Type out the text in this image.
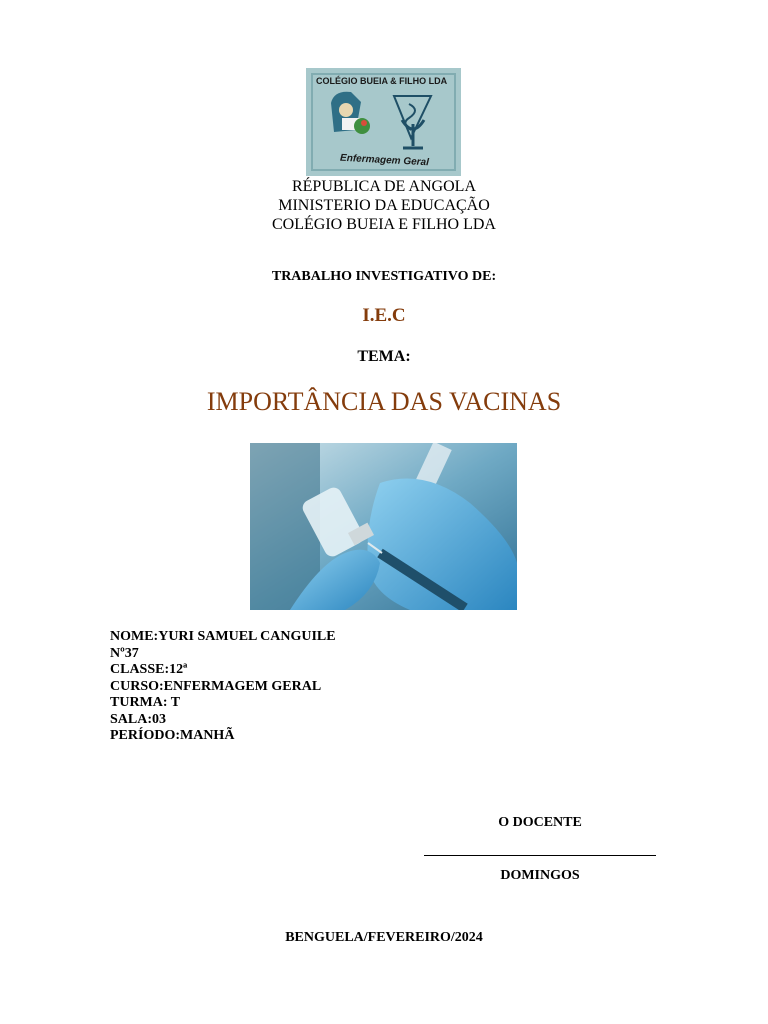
COLÉGIO BUEIA & FILHO LDA
Enfermagem Geral
RÉPUBLICA DE ANGOLA
MINISTERIO DA EDUCAÇÃO
COLÉGIO BUEIA E FILHO LDA
TRABALHO INVESTIGATIVO DE:
I.E.C
TEMA:
IMPORTÂNCIA DAS VACINAS
NOME:YURI SAMUEL CANGUILE
Nº37
CLASSE:12ª
CURSO:ENFERMAGEM GERAL
TURMA: T
SALA:03
PERÍODO:MANHÃ
O DOCENTE
DOMINGOS
BENGUELA/FEVEREIRO/2024
